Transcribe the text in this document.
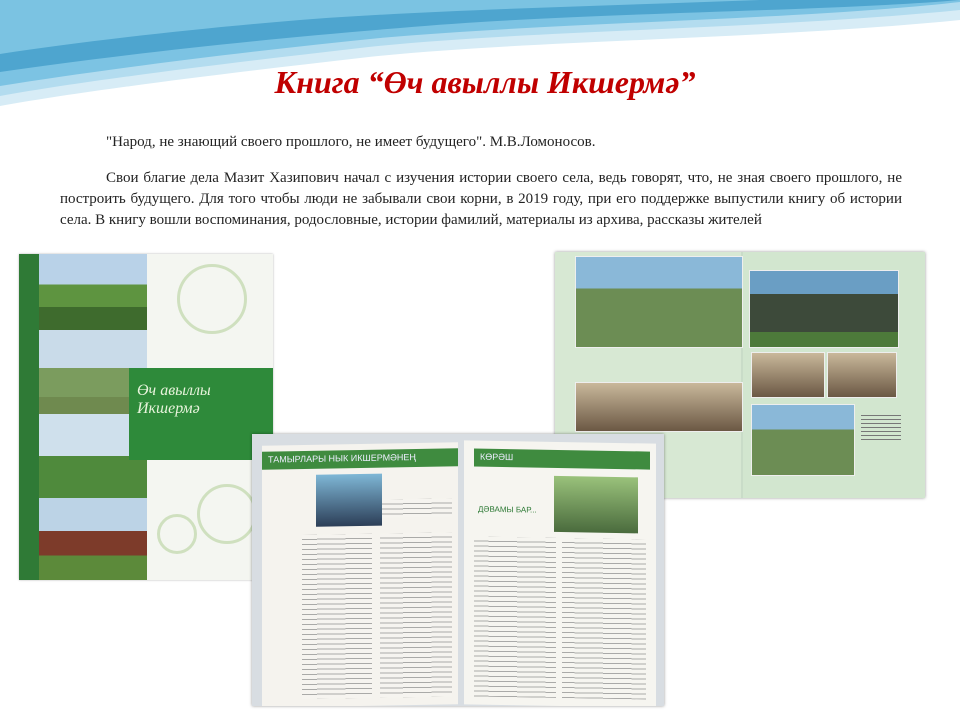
Книга “Өч авыллы Икшермә”
"Народ, не знающий своего прошлого, не имеет будущего". М.В.Ломоносов.
Свои благие дела Мазит Хазипович начал с изучения истории своего села, ведь говорят, что, не зная своего прошлого, не построить будущего. Для того чтобы люди не забывали свои корни, в 2019 году, при его поддержке выпустили книгу об истории села. В книгу вошли воспоминания, родословные, истории фамилий, материалы из архива, рассказы жителей
Өч авыллы Икшермә
ТАМЫРЛАРЫ НЫК ИКШЕРМӘНЕҢ	КӨРӘШ
ДӘВАМЫ БАР...
